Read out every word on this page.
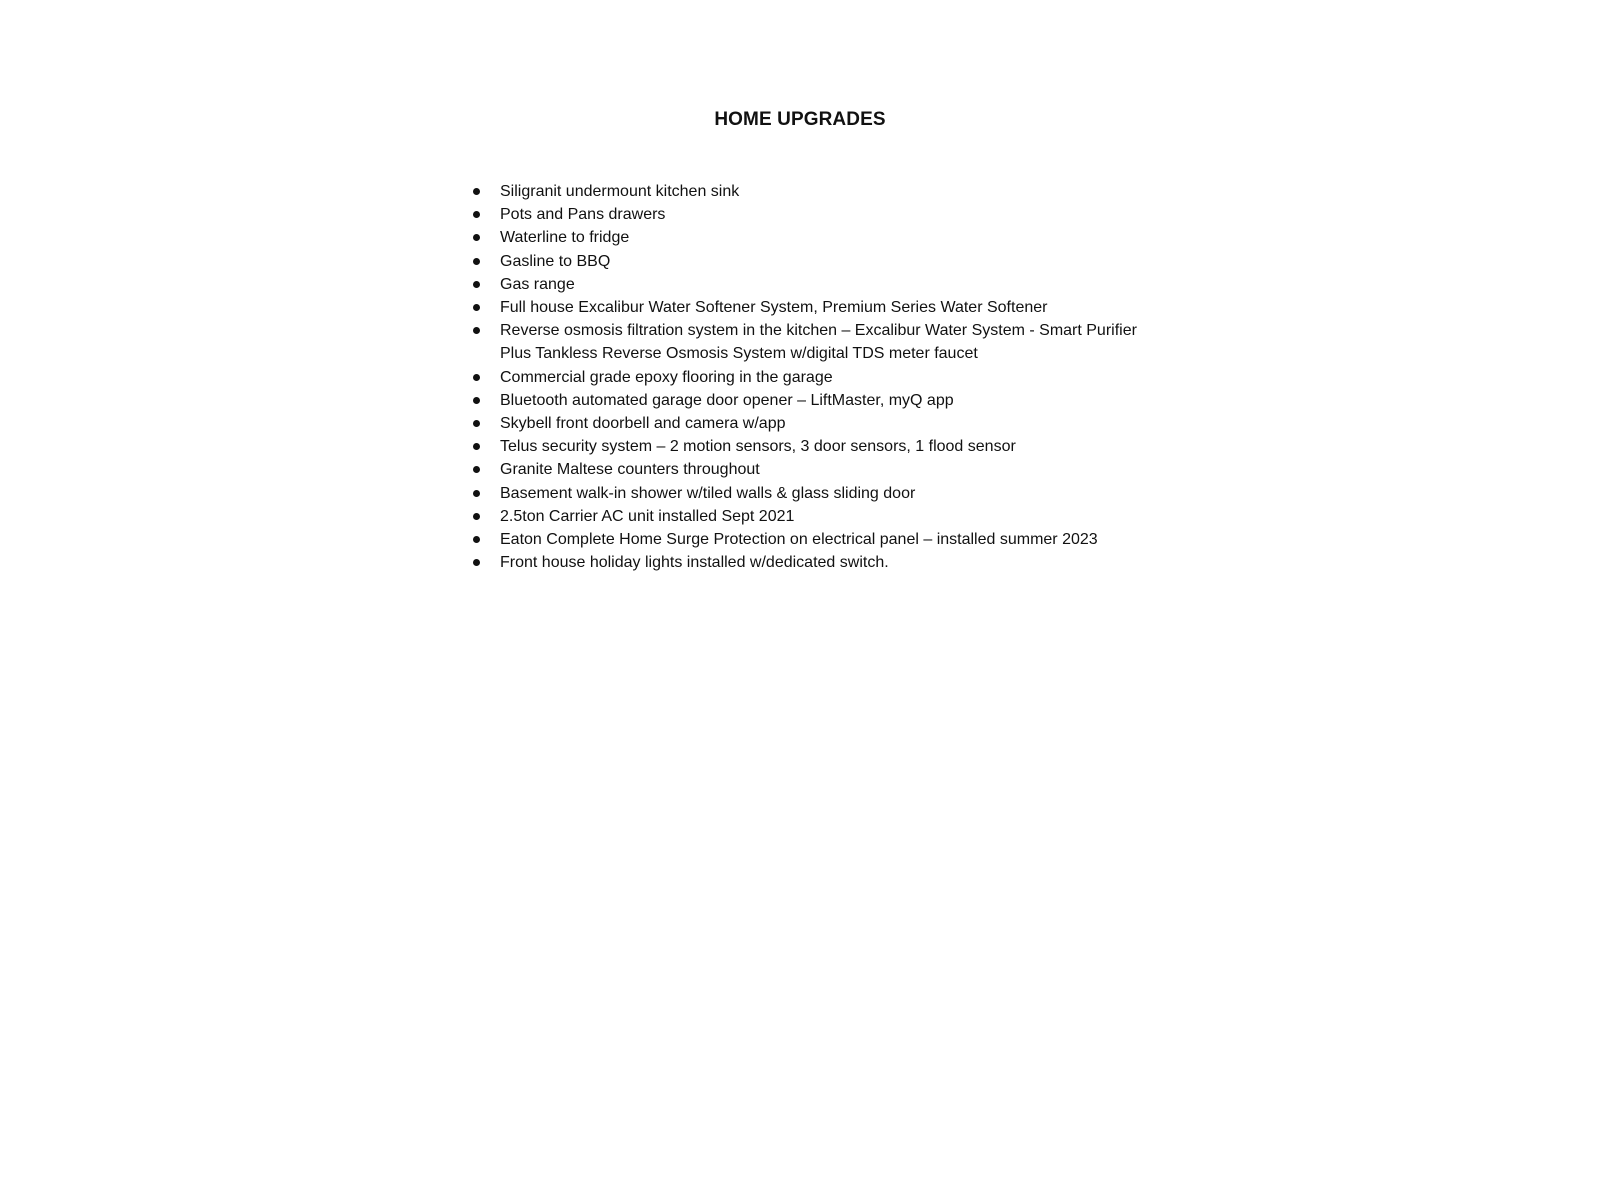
HOME UPGRADES
Siligranit undermount kitchen sink
Pots and Pans drawers
Waterline to fridge
Gasline to BBQ
Gas range
Full house Excalibur Water Softener System, Premium Series Water Softener
Reverse osmosis filtration system in the kitchen – Excalibur Water System - Smart Purifier Plus Tankless Reverse Osmosis System w/digital TDS meter faucet
Commercial grade epoxy flooring in the garage
Bluetooth automated garage door opener – LiftMaster, myQ app
Skybell front doorbell and camera w/app
Telus security system – 2 motion sensors, 3 door sensors, 1 flood sensor
Granite Maltese counters throughout
Basement walk-in shower w/tiled walls & glass sliding door
2.5ton Carrier AC unit installed Sept 2021
Eaton Complete Home Surge Protection on electrical panel – installed summer 2023
Front house holiday lights installed w/dedicated switch.
